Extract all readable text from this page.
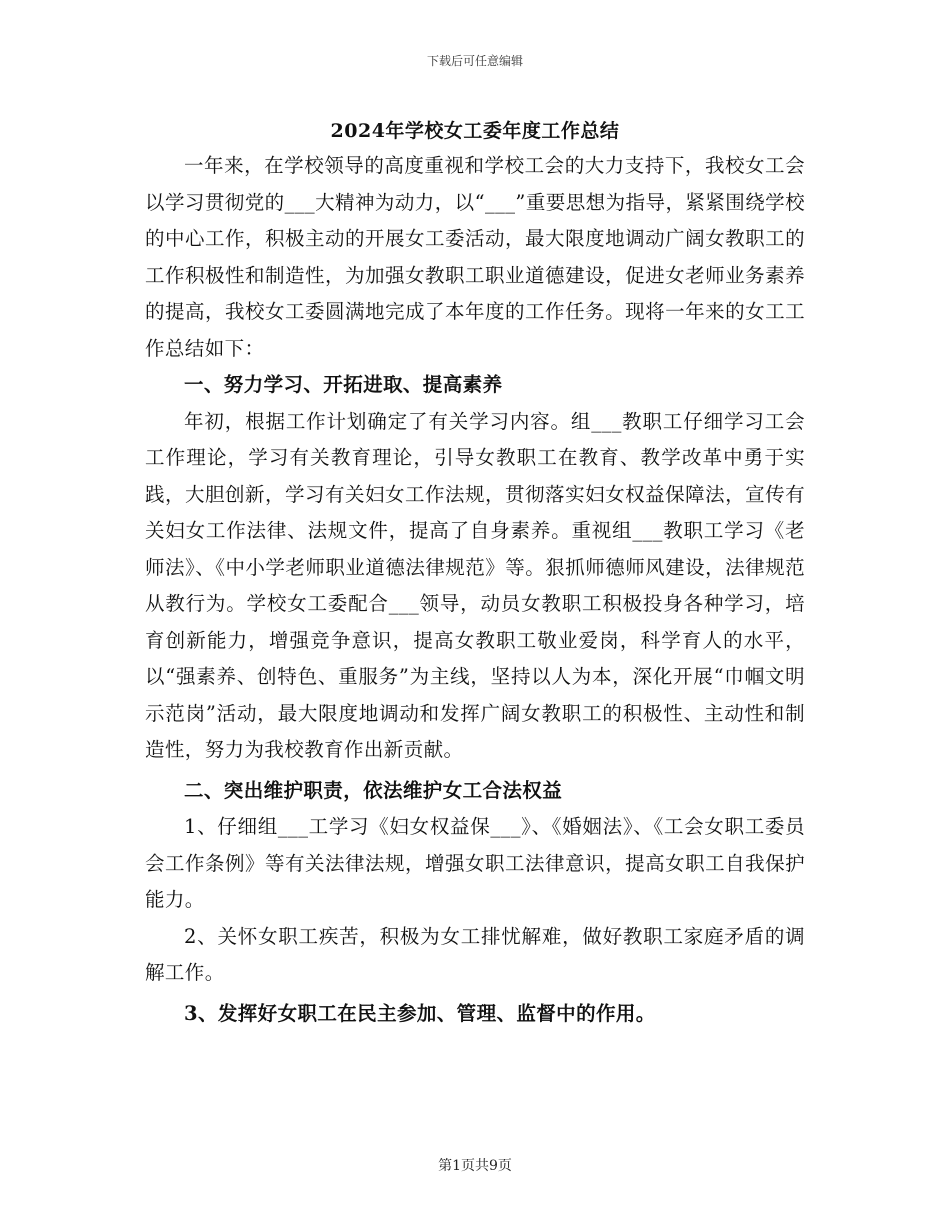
下载后可任意编辑
2024年学校女工委年度工作总结

一年来，在学校领导的高度重视和学校工会的大力支持下，我校女工会以学习贯彻党的___大精神为动力，以“___”重要思想为指导，紧紧围绕学校的中心工作，积极主动的开展女工委活动，最大限度地调动广阔女教职工的工作积极性和制造性，为加强女教职工职业道德建设，促进女老师业务素养的提高，我校女工委圆满地完成了本年度的工作任务。现将一年来的女工工作总结如下：

一、努力学习、开拓进取、提高素养

年初，根据工作计划确定了有关学习内容。组___教职工仔细学习工会工作理论，学习有关教育理论，引导女教职工在教育、教学改革中勇于实践，大胆创新，学习有关妇女工作法规，贯彻落实妇女权益保障法，宣传有关妇女工作法律、法规文件，提高了自身素养。重视组___教职工学习《老师法》、《中小学老师职业道德法律规范》等。狠抓师德师风建设，法律规范从教行为。学校女工委配合___领导，动员女教职工积极投身各种学习，培育创新能力，增强竞争意识，提高女教职工敬业爱岗，科学育人的水平，以“强素养、创特色、重服务”为主线，坚持以人为本，深化开展“巾帼文明示范岗”活动，最大限度地调动和发挥广阔女教职工的积极性、主动性和制造性，努力为我校教育作出新贡献。

二、突出维护职责，依法维护女工合法权益

1、仔细组___工学习《妇女权益保___》、《婚姻法》、《工会女职工委员会工作条例》等有关法律法规，增强女职工法律意识，提高女职工自我保护能力。

2、关怀女职工疾苦，积极为女工排忧解难，做好教职工家庭矛盾的调解工作。

3、发挥好女职工在民主参加、管理、监督中的作用。

第1页共9页
